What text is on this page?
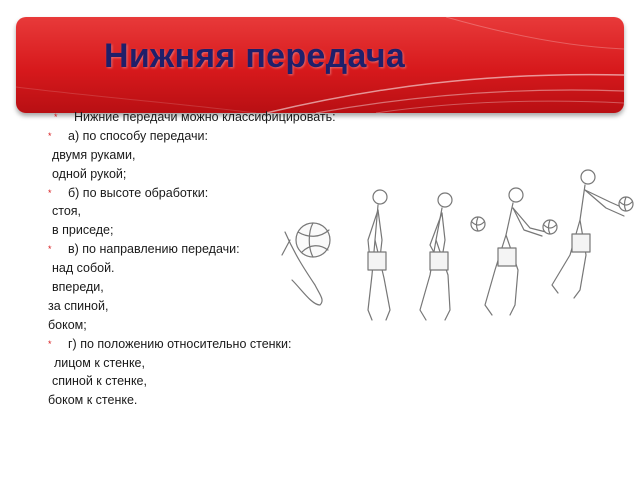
Нижняя передача
*	Нижние передачи можно классифицировать:
*	а) по способу передачи:
двумя руками,
одной рукой;
*	б) по высоте обработки:
стоя,
в приседе;
*	в) по направлению передачи:
над собой.
впереди,
за спиной,
боком;
*	г) по положению относительно стенки:
лицом к стенке,
спиной к стенке,
боком к стенке.
